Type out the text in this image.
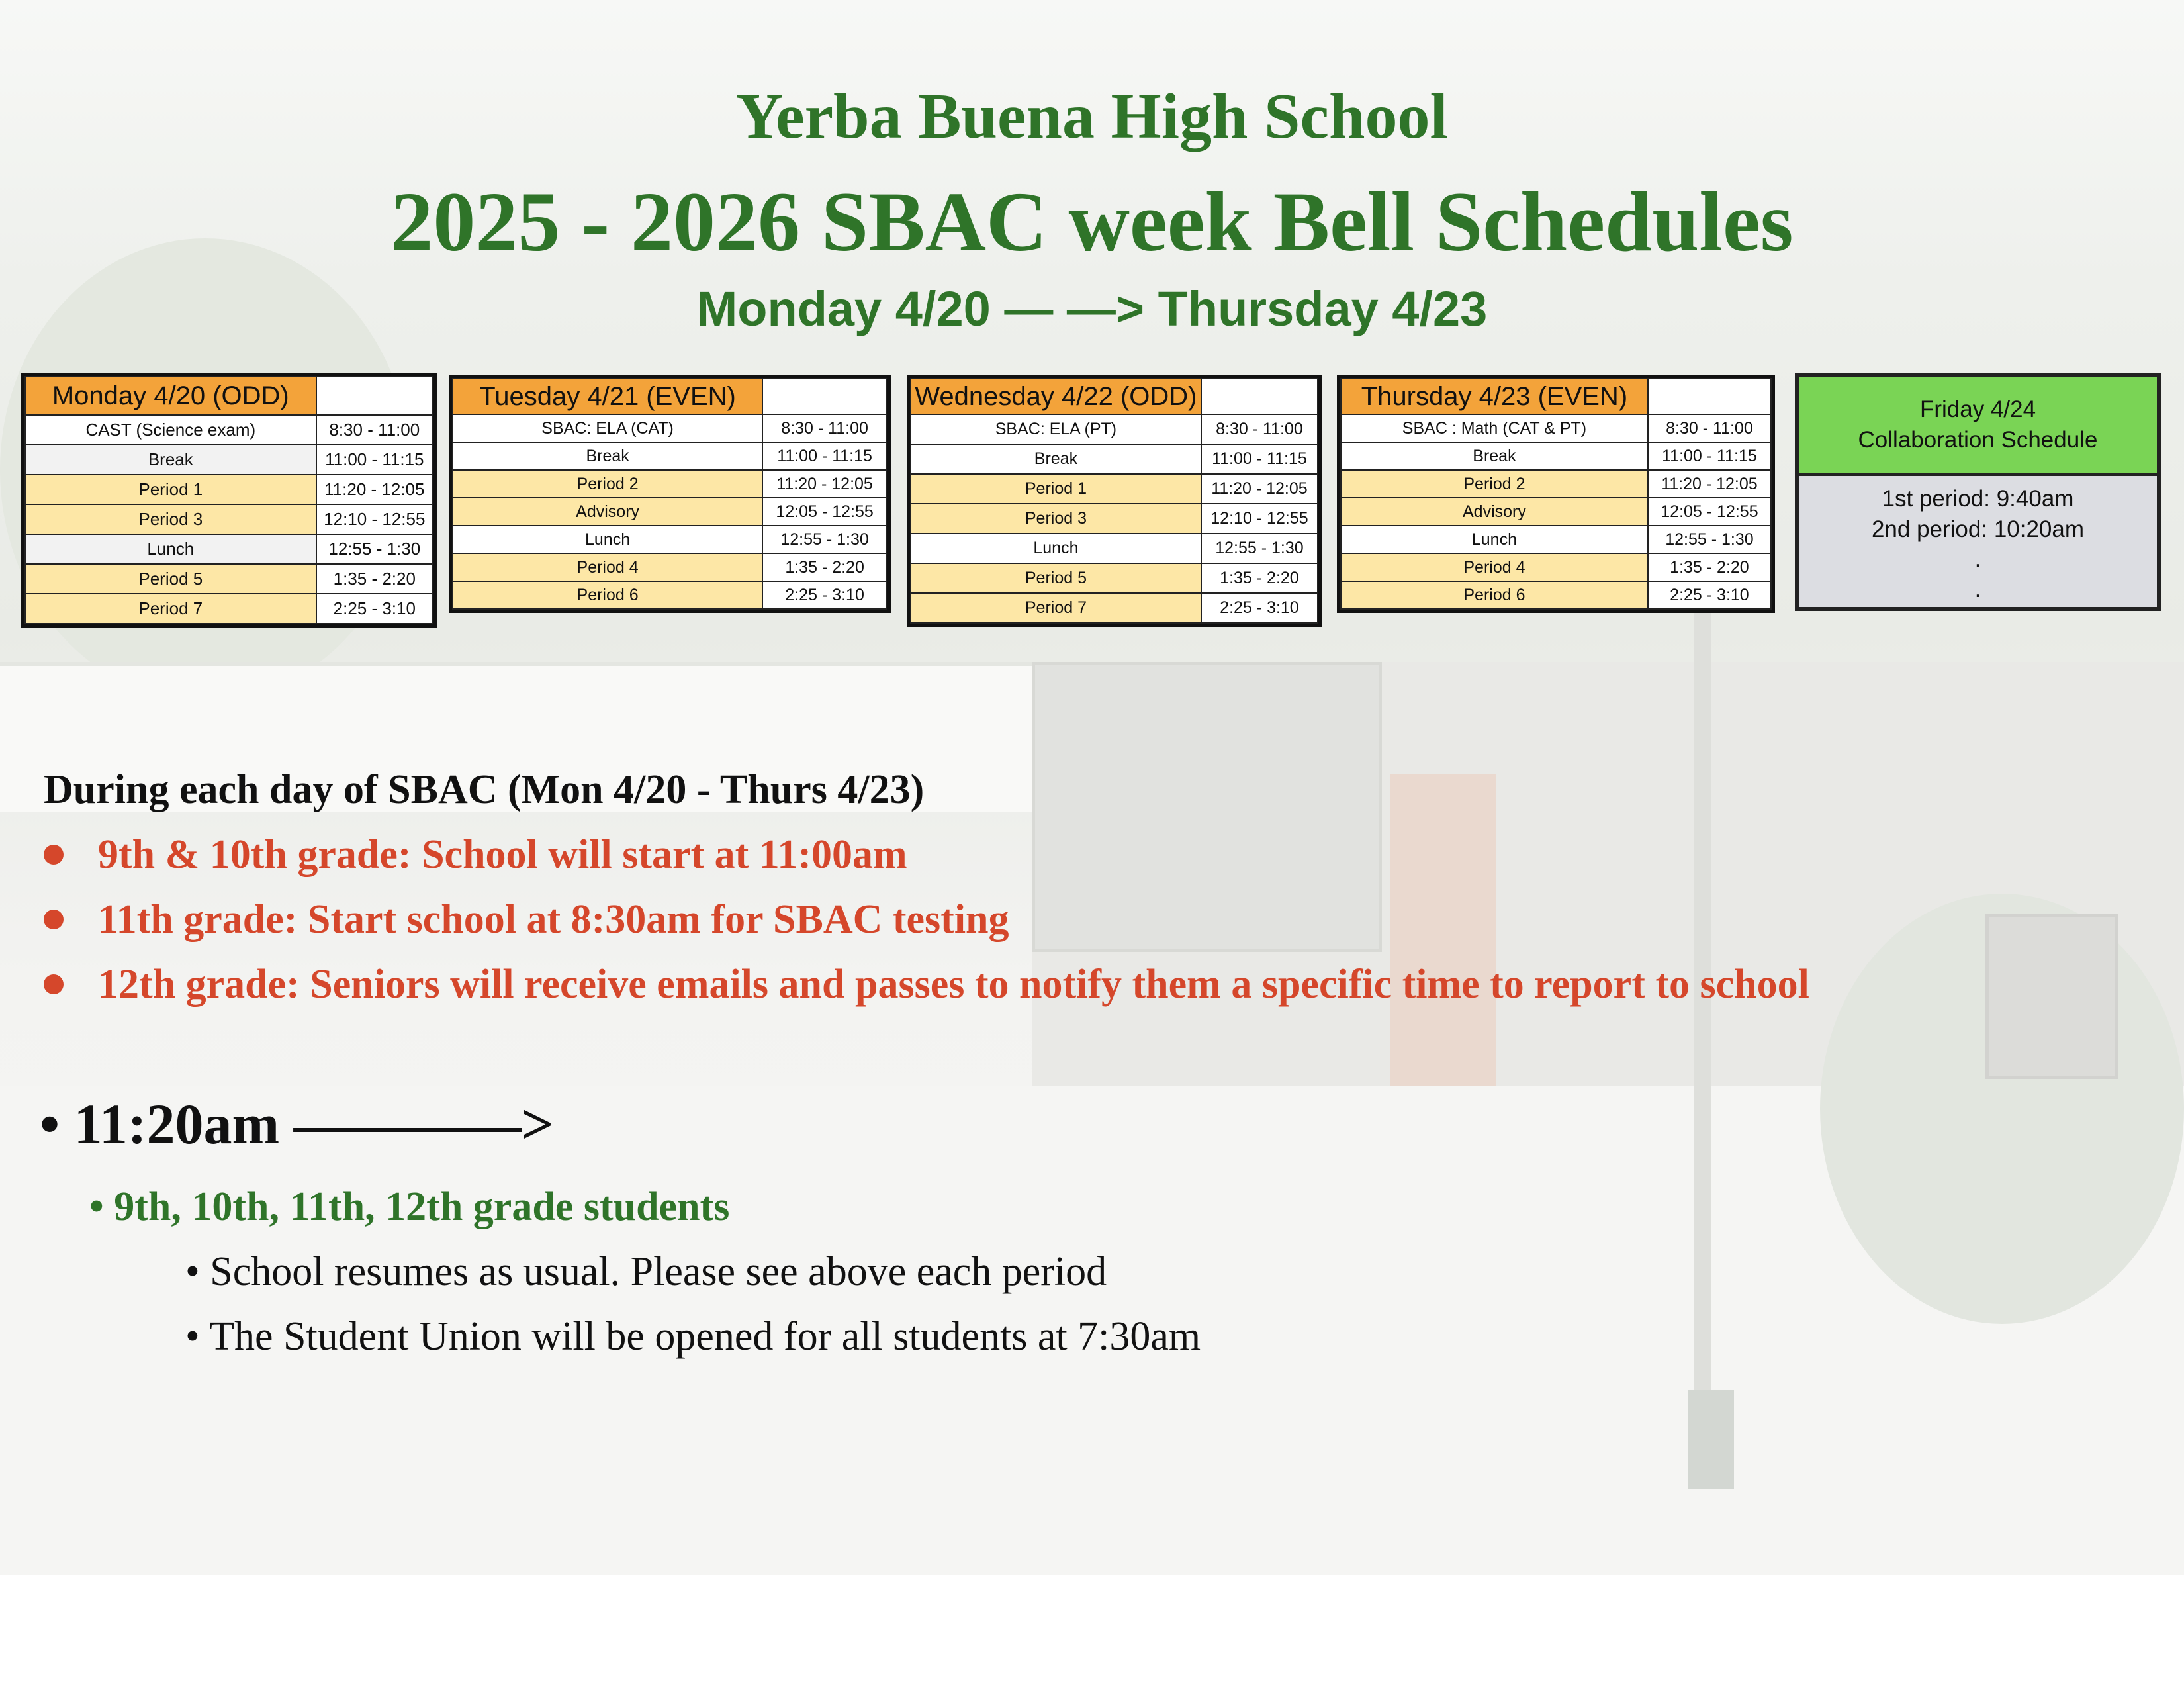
Yerba Buena High School
2025 - 2026 SBAC week Bell Schedules
Monday 4/20 — —> Thursday 4/23
Monday 4/20 (ODD)	
CAST (Science exam)	8:30 - 11:00
Break	11:00 - 11:15
Period 1	11:20 - 12:05
Period 3	12:10 - 12:55
Lunch	12:55 - 1:30
Period 5	1:35 - 2:20
Period 7	2:25 - 3:10
Tuesday 4/21 (EVEN)	
SBAC: ELA (CAT)	8:30 - 11:00
Break	11:00 - 11:15
Period 2	11:20 - 12:05
Advisory	12:05 - 12:55
Lunch	12:55 - 1:30
Period 4	1:35 - 2:20
Period 6	2:25 - 3:10
Wednesday 4/22 (ODD)	
SBAC: ELA (PT)	8:30 - 11:00
Break	11:00 - 11:15
Period 1	11:20 - 12:05
Period 3	12:10 - 12:55
Lunch	12:55 - 1:30
Period 5	1:35 - 2:20
Period 7	2:25 - 3:10
Thursday 4/23 (EVEN)	
SBAC : Math (CAT & PT)	8:30 - 11:00
Break	11:00 - 11:15
Period 2	11:20 - 12:05
Advisory	12:05 - 12:55
Lunch	12:55 - 1:30
Period 4	1:35 - 2:20
Period 6	2:25 - 3:10
Friday 4/24
Collaboration Schedule
1st period: 9:40am
2nd period: 10:20am
.
.
During each day of SBAC (Mon 4/20 - Thurs 4/23)
9th & 10th grade: School will start at 11:00am
11th grade: Start school at 8:30am for SBAC testing
12th grade: Seniors will receive emails and passes to notify them a specific time to report to school
• 11:20am ————>
• 9th, 10th, 11th, 12th grade students
• School resumes as usual. Please see above each period
• The Student Union will be opened for all students at 7:30am
